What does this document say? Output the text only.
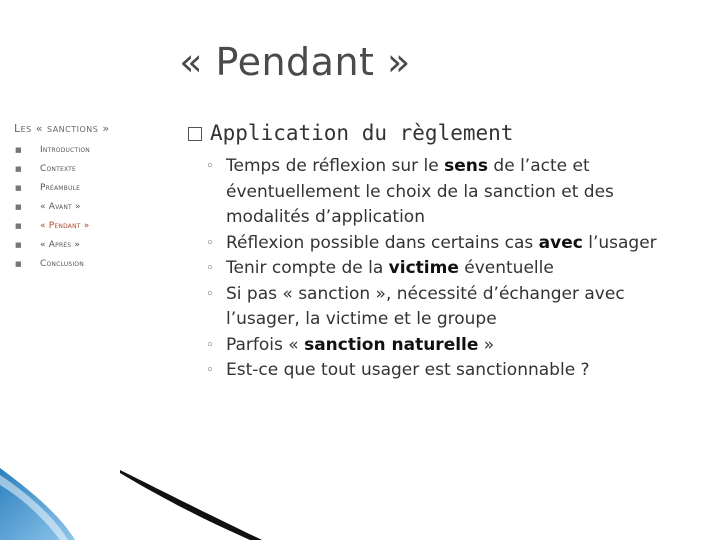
« Pendant »
Les « sanctions »
■ Introduction
■ Contexte
■ Préambule
■ « Avant »
■ « Pendant »
■ « Après »
■ Conclusion
Application du règlement
◦ Temps de réflexion sur le sens de l’acte et éventuellement le choix de la sanction et des modalités d’application
◦ Réflexion possible dans certains cas avec l’usager
◦ Tenir compte de la victime éventuelle
◦ Si pas « sanction », nécessité d’échanger avec l’usager, la victime et le groupe
◦ Parfois « sanction naturelle »
◦ Est-ce que tout usager est sanctionnable ?
